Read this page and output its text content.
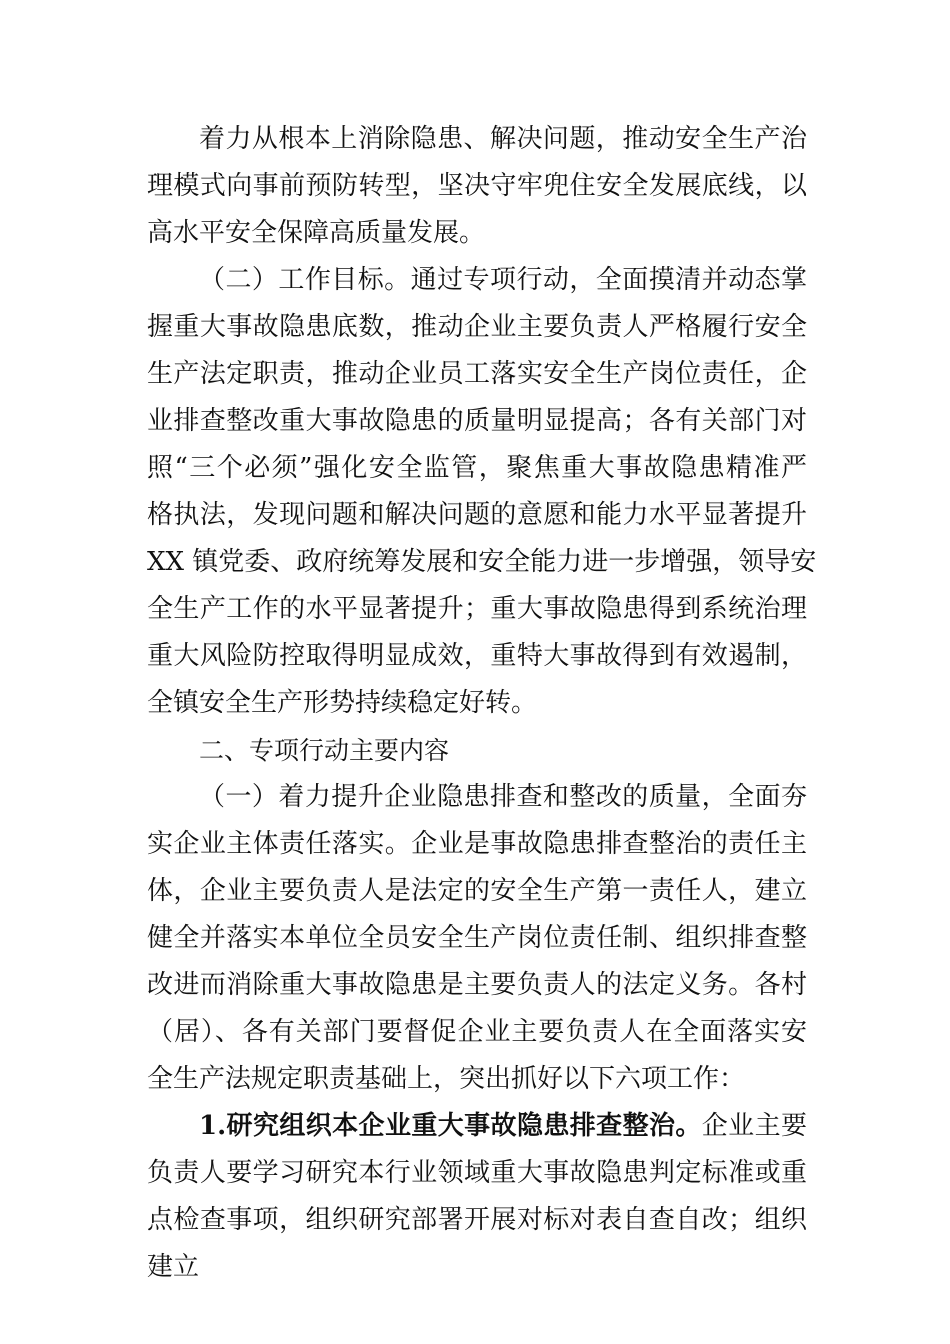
着力从根本上消除隐患、解决问题，推动安全生产治
理模式向事前预防转型，坚决守牢兜住安全发展底线，以
高水平安全保障高质量发展。
（二）工作目标。通过专项行动，全面摸清并动态掌
握重大事故隐患底数，推动企业主要负责人严格履行安全
生产法定职责，推动企业员工落实安全生产岗位责任，企
业排查整改重大事故隐患的质量明显提高；各有关部门对
照“三个必须”强化安全监管，聚焦重大事故隐患精准严
格执法，发现问题和解决问题的意愿和能力水平显著提升
XX 镇党委、政府统筹发展和安全能力进一步增强，领导安
全生产工作的水平显著提升；重大事故隐患得到系统治理
重大风险防控取得明显成效，重特大事故得到有效遏制，
全镇安全生产形势持续稳定好转。
二、专项行动主要内容
（一）着力提升企业隐患排查和整改的质量，全面夯
实企业主体责任落实。企业是事故隐患排查整治的责任主
体，企业主要负责人是法定的安全生产第一责任人，建立
健全并落实本单位全员安全生产岗位责任制、组织排查整
改进而消除重大事故隐患是主要负责人的法定义务。各村
（居）、各有关部门要督促企业主要负责人在全面落实安
全生产法规定职责基础上，突出抓好以下六项工作：
1.研究组织本企业重大事故隐患排查整治。企业主要
负责人要学习研究本行业领域重大事故隐患判定标准或重
点检查事项，组织研究部署开展对标对表自查自改；组织
建立
